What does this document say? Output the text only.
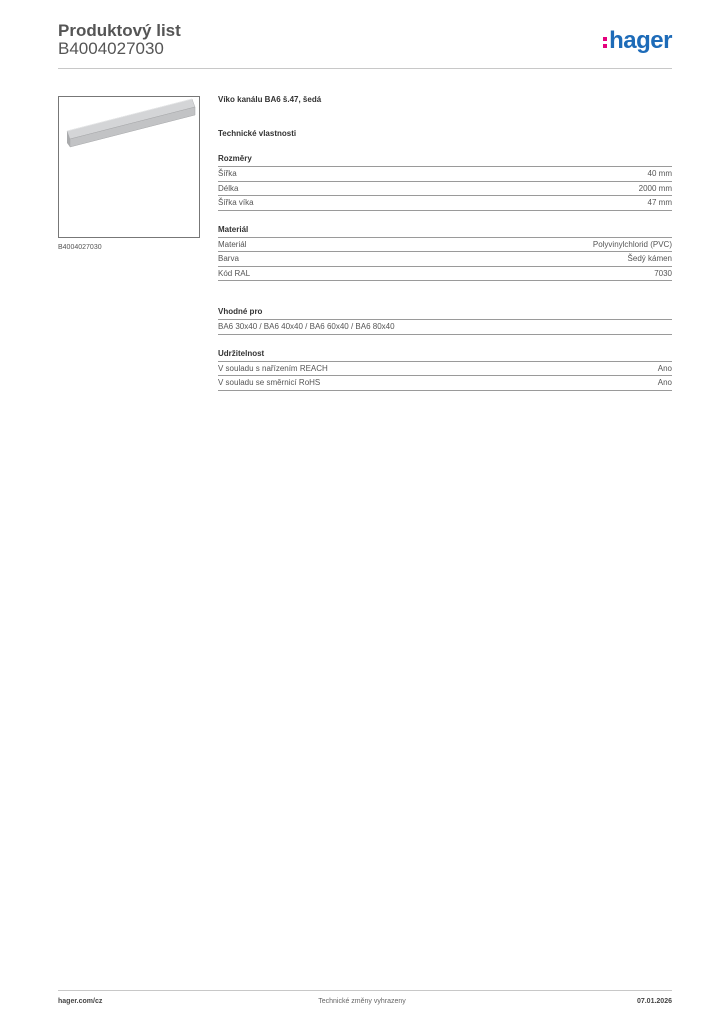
Produktový list
B4004027030	hager
B4004027030
Víko kanálu BA6 š.47, šedá
Technické vlastnosti
Rozměry
Šířka	40 mm
Délka	2000 mm
Šířka víka	47 mm
Materiál
Materiál	Polyvinylchlorid (PVC)
Barva	Šedý kámen
Kód RAL	7030
Vhodné pro
BA6 30x40 / BA6 40x40 / BA6 60x40 / BA6 80x40
Udržitelnost
V souladu s nařízením REACH	Ano
V souladu se směrnicí RoHS	Ano
hager.com/cz	Technické změny vyhrazeny	07.01.2026
